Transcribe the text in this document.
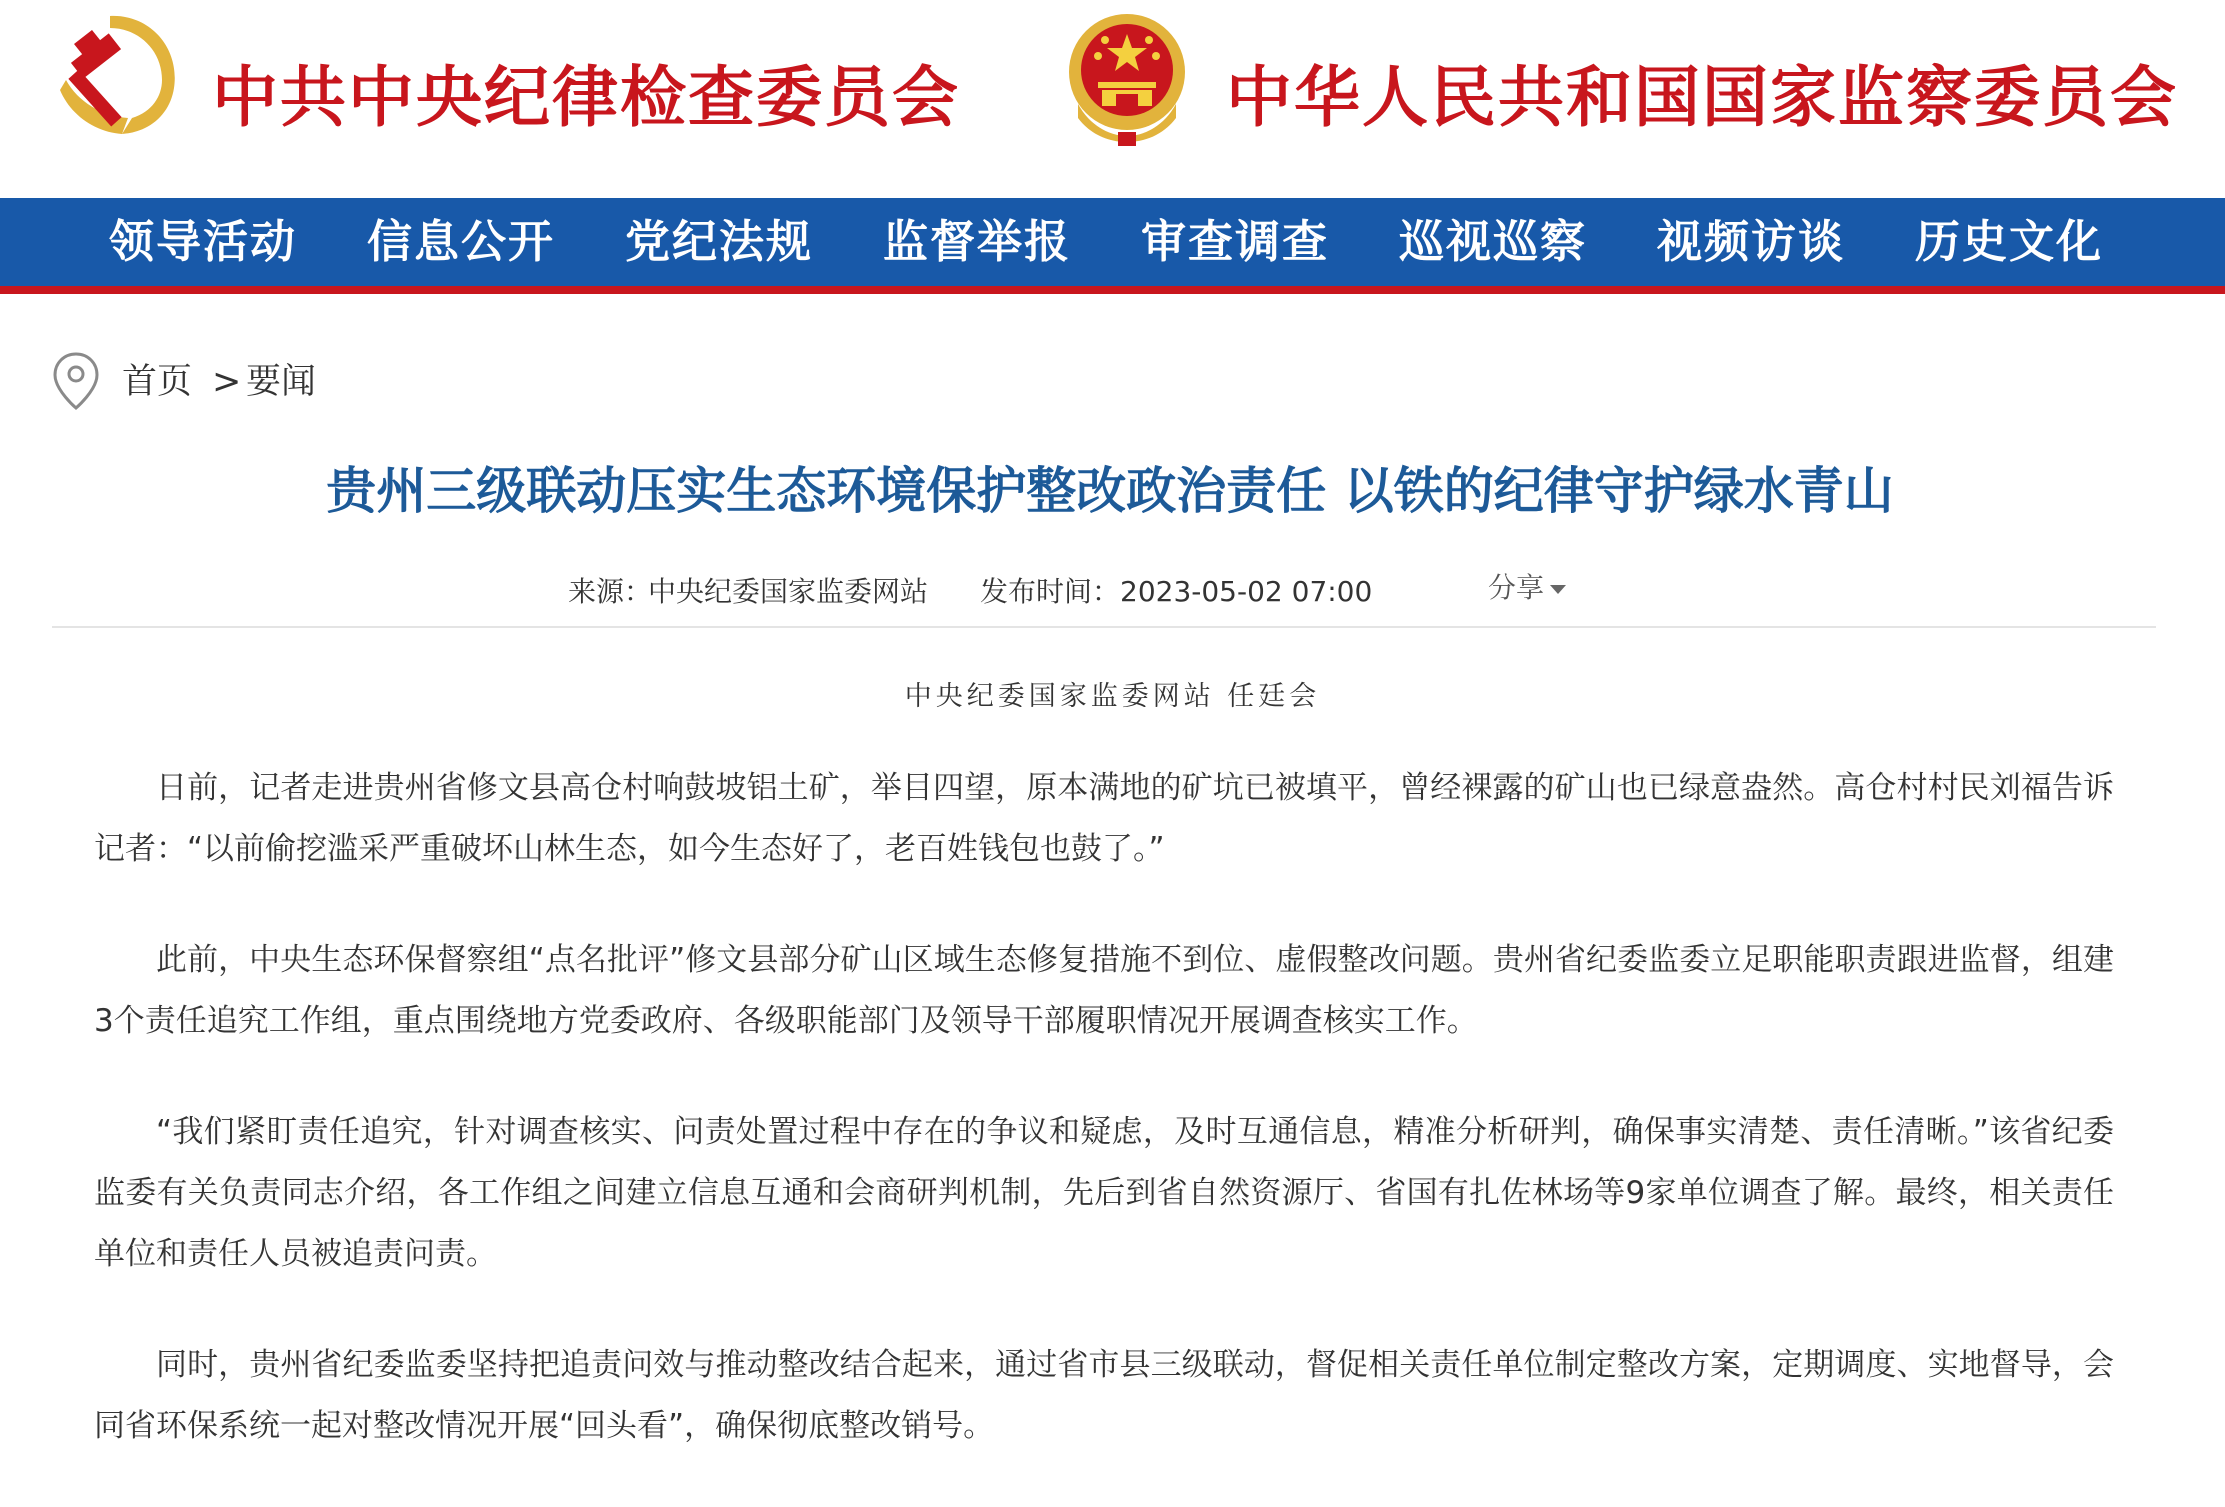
中共中央纪律检查委员会	中华人民共和国国家监察委员会
领导活动	信息公开	党纪法规	监督举报	审查调查	巡视巡察	视频访谈	历史文化
首页 > 要闻
贵州三级联动压实生态环境保护整改政治责任 以铁的纪律守护绿水青山
来源：
中央纪委国家监委网站 发布时间： 2023-05-02 07:00	分享
中央纪委国家监委网站 任廷会

日前，记者走进贵州省修文县高仓村响鼓坡铝土矿，举目四望，原本满地的矿坑已被填平，曾经裸露的矿山也已绿意盎然。高仓村村民刘福告诉记者：“以前偷挖滥采严重破坏山林生态，如今生态好了，老百姓钱包也鼓了。”

此前，中央生态环保督察组“点名批评”修文县部分矿山区域生态修复措施不到位、虚假整改问题。贵州省纪委监委立足职能职责跟进监督，组建3个责任追究工作组，重点围绕地方党委政府、各级职能部门及领导干部履职情况开展调查核实工作。

“我们紧盯责任追究，针对调查核实、问责处置过程中存在的争议和疑虑，及时互通信息，精准分析研判，确保事实清楚、责任清晰。”该省纪委监委有关负责同志介绍，各工作组之间建立信息互通和会商研判机制，先后到省自然资源厅、省国有扎佐林场等9家单位调查了解。最终，相关责任单位和责任人员被追责问责。

同时，贵州省纪委监委坚持把追责问效与推动整改结合起来，通过省市县三级联动，督促相关责任单位制定整改方案，定期调度、实地督导，会同省环保系统一起对整改情况开展“回头看”，确保彻底整改销号。
